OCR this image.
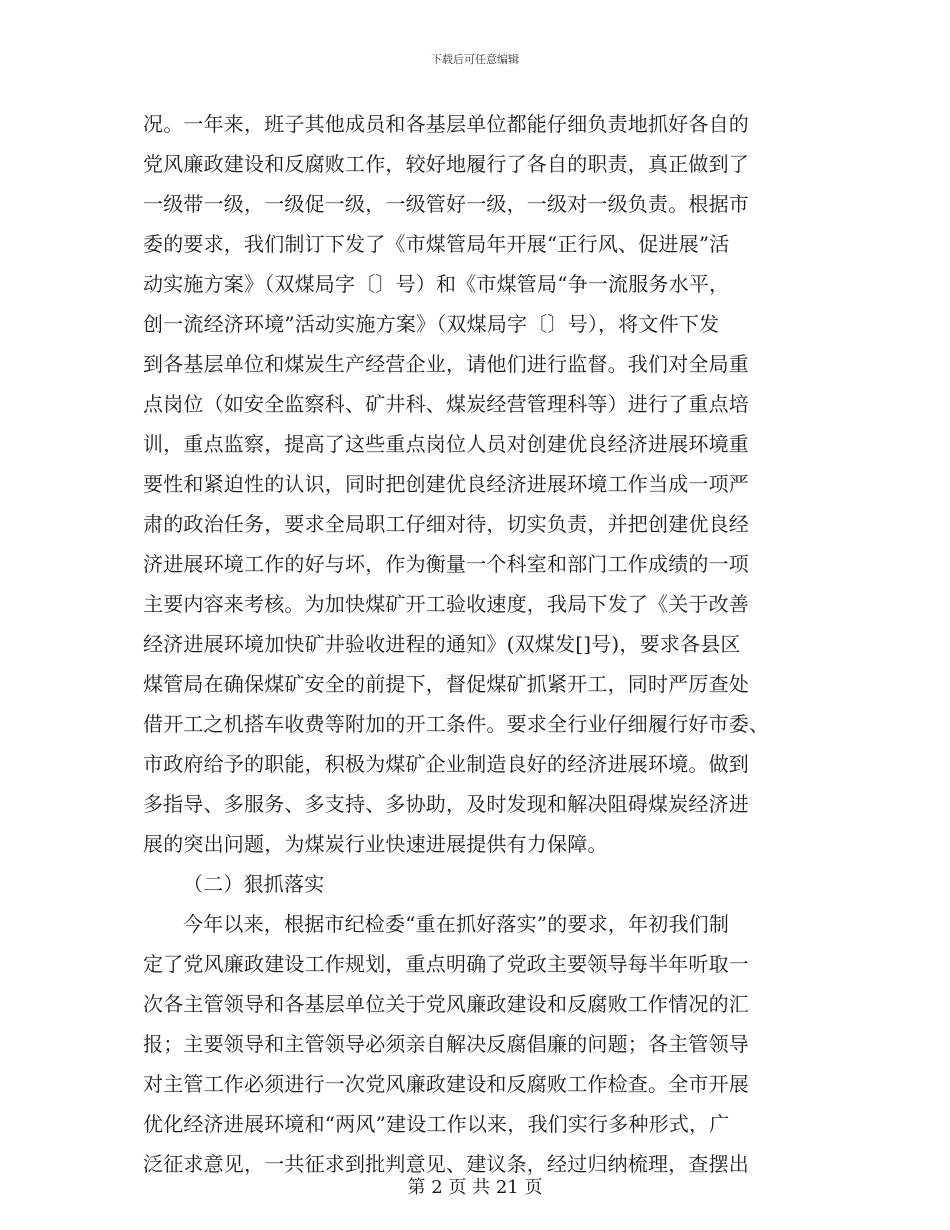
下载后可任意编辑
况。一年来，班子其他成员和各基层单位都能仔细负责地抓好各自的
党风廉政建设和反腐败工作，较好地履行了各自的职责，真正做到了
一级带一级，一级促一级，一级管好一级，一级对一级负责。根据市
委的要求，我们制订下发了《市煤管局年开展“正行风、促进展”活
动实施方案》（双煤局字〔〕号）和《市煤管局“争一流服务水平，
创一流经济环境”活动实施方案》（双煤局字〔〕号），将文件下发
到各基层单位和煤炭生产经营企业，请他们进行监督。我们对全局重
点岗位（如安全监察科、矿井科、煤炭经营管理科等）进行了重点培
训，重点监察，提高了这些重点岗位人员对创建优良经济进展环境重
要性和紧迫性的认识，同时把创建优良经济进展环境工作当成一项严
肃的政治任务，要求全局职工仔细对待，切实负责，并把创建优良经
济进展环境工作的好与坏，作为衡量一个科室和部门工作成绩的一项
主要内容来考核。为加快煤矿开工验收速度，我局下发了《关于改善
经济进展环境加快矿井验收进程的通知》(双煤发[]号)，要求各县区
煤管局在确保煤矿安全的前提下，督促煤矿抓紧开工，同时严厉查处
借开工之机搭车收费等附加的开工条件。要求全行业仔细履行好市委、
市政府给予的职能，积极为煤矿企业制造良好的经济进展环境。做到
多指导、多服务、多支持、多协助，及时发现和解决阻碍煤炭经济进
展的突出问题，为煤炭行业快速进展提供有力保障。
（二）狠抓落实
今年以来，根据市纪检委“重在抓好落实”的要求，年初我们制
定了党风廉政建设工作规划，重点明确了党政主要领导每半年听取一
次各主管领导和各基层单位关于党风廉政建设和反腐败工作情况的汇
报；主要领导和主管领导必须亲自解决反腐倡廉的问题；各主管领导
对主管工作必须进行一次党风廉政建设和反腐败工作检查。全市开展
优化经济进展环境和“两风”建设工作以来，我们实行多种形式，广
泛征求意见，一共征求到批判意见、建议条，经过归纳梳理，查摆出
第 2 页 共 21 页
